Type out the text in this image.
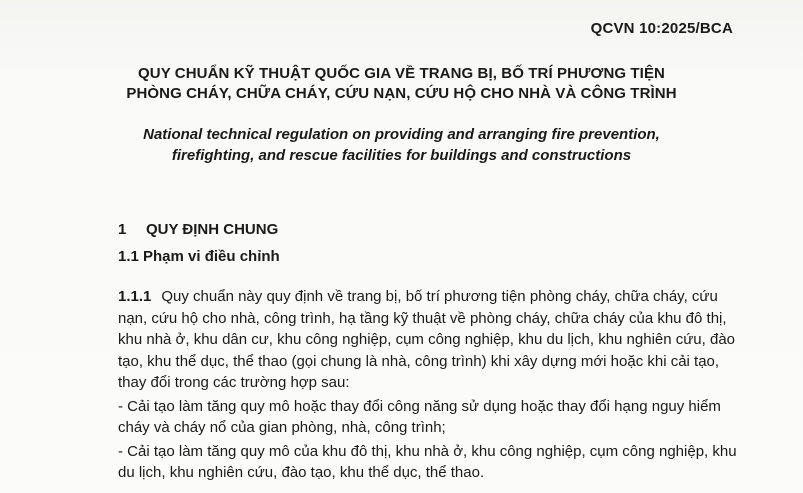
QCVN 10:2025/BCA
QUY CHUẨN KỸ THUẬT QUỐC GIA VỀ TRANG BỊ, BỐ TRÍ PHƯƠNG TIỆN
PHÒNG CHÁY, CHỮA CHÁY, CỨU NẠN, CỨU HỘ CHO NHÀ VÀ CÔNG TRÌNH
National technical regulation on providing and arranging fire prevention,
firefighting, and rescue facilities for buildings and constructions
1 QUY ĐỊNH CHUNG
1.1 Phạm vi điều chỉnh

1.1.1 Quy chuẩn này quy định về trang bị, bố trí phương tiện phòng cháy, chữa cháy, cứu nạn, cứu hộ cho nhà, công trình, hạ tầng kỹ thuật về phòng cháy, chữa cháy của khu đô thị, khu nhà ở, khu dân cư, khu công nghiệp, cụm công nghiệp, khu du lịch, khu nghiên cứu, đào tạo, khu thể dục, thể thao (gọi chung là nhà, công trình) khi xây dựng mới hoặc khi cải tạo, thay đổi trong các trường hợp sau:

- Cải tạo làm tăng quy mô hoặc thay đổi công năng sử dụng hoặc thay đổi hạng nguy hiểm cháy và cháy nổ của gian phòng, nhà, công trình;

- Cải tạo làm tăng quy mô của khu đô thị, khu nhà ở, khu công nghiệp, cụm công nghiệp, khu du lịch, khu nghiên cứu, đào tạo, khu thể dục, thể thao.
